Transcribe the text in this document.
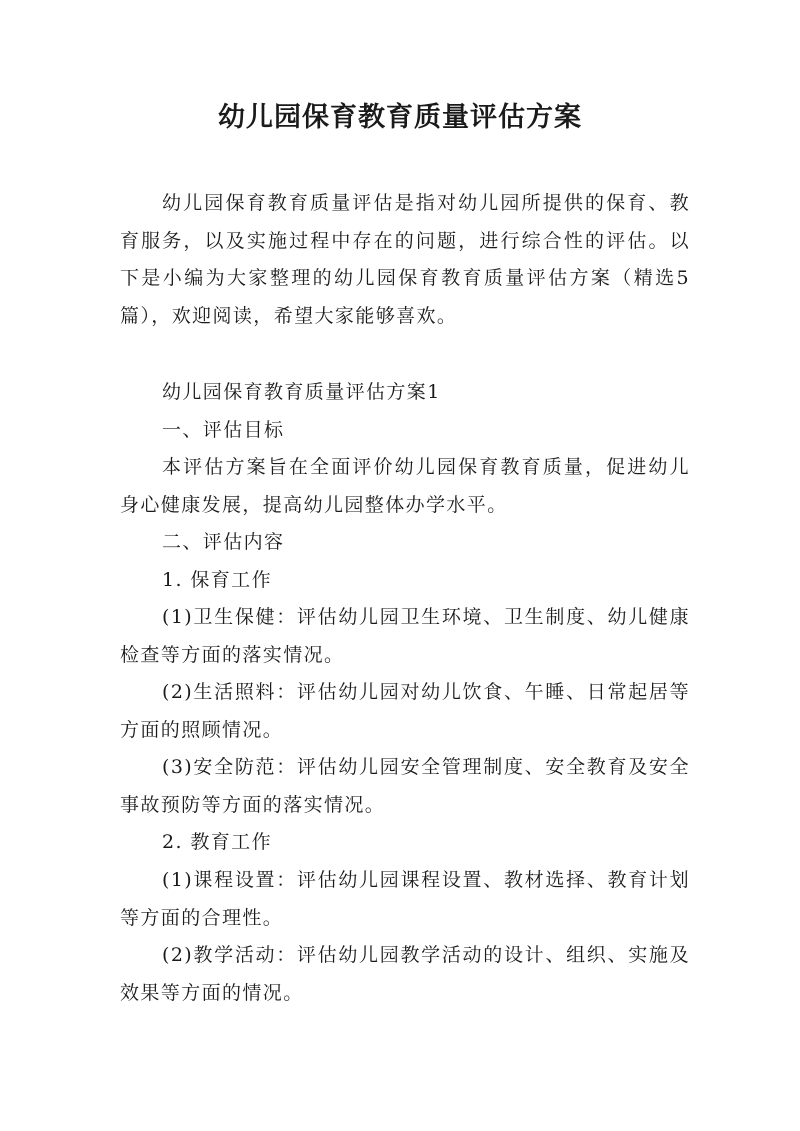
幼儿园保育教育质量评估方案

幼儿园保育教育质量评估是指对幼儿园所提供的保育、教育服务，以及实施过程中存在的问题，进行综合性的评估。以下是小编为大家整理的幼儿园保育教育质量评估方案（精选5篇），欢迎阅读，希望大家能够喜欢。

幼儿园保育教育质量评估方案1
一、评估目标

本评估方案旨在全面评价幼儿园保育教育质量，促进幼儿身心健康发展，提高幼儿园整体办学水平。

二、评估内容
1. 保育工作

(1)卫生保健：评估幼儿园卫生环境、卫生制度、幼儿健康检查等方面的落实情况。

(2)生活照料：评估幼儿园对幼儿饮食、午睡、日常起居等方面的照顾情况。

(3)安全防范：评估幼儿园安全管理制度、安全教育及安全事故预防等方面的落实情况。

2. 教育工作

(1)课程设置：评估幼儿园课程设置、教材选择、教育计划等方面的合理性。

(2)教学活动：评估幼儿园教学活动的设计、组织、实施及效果等方面的情况。
